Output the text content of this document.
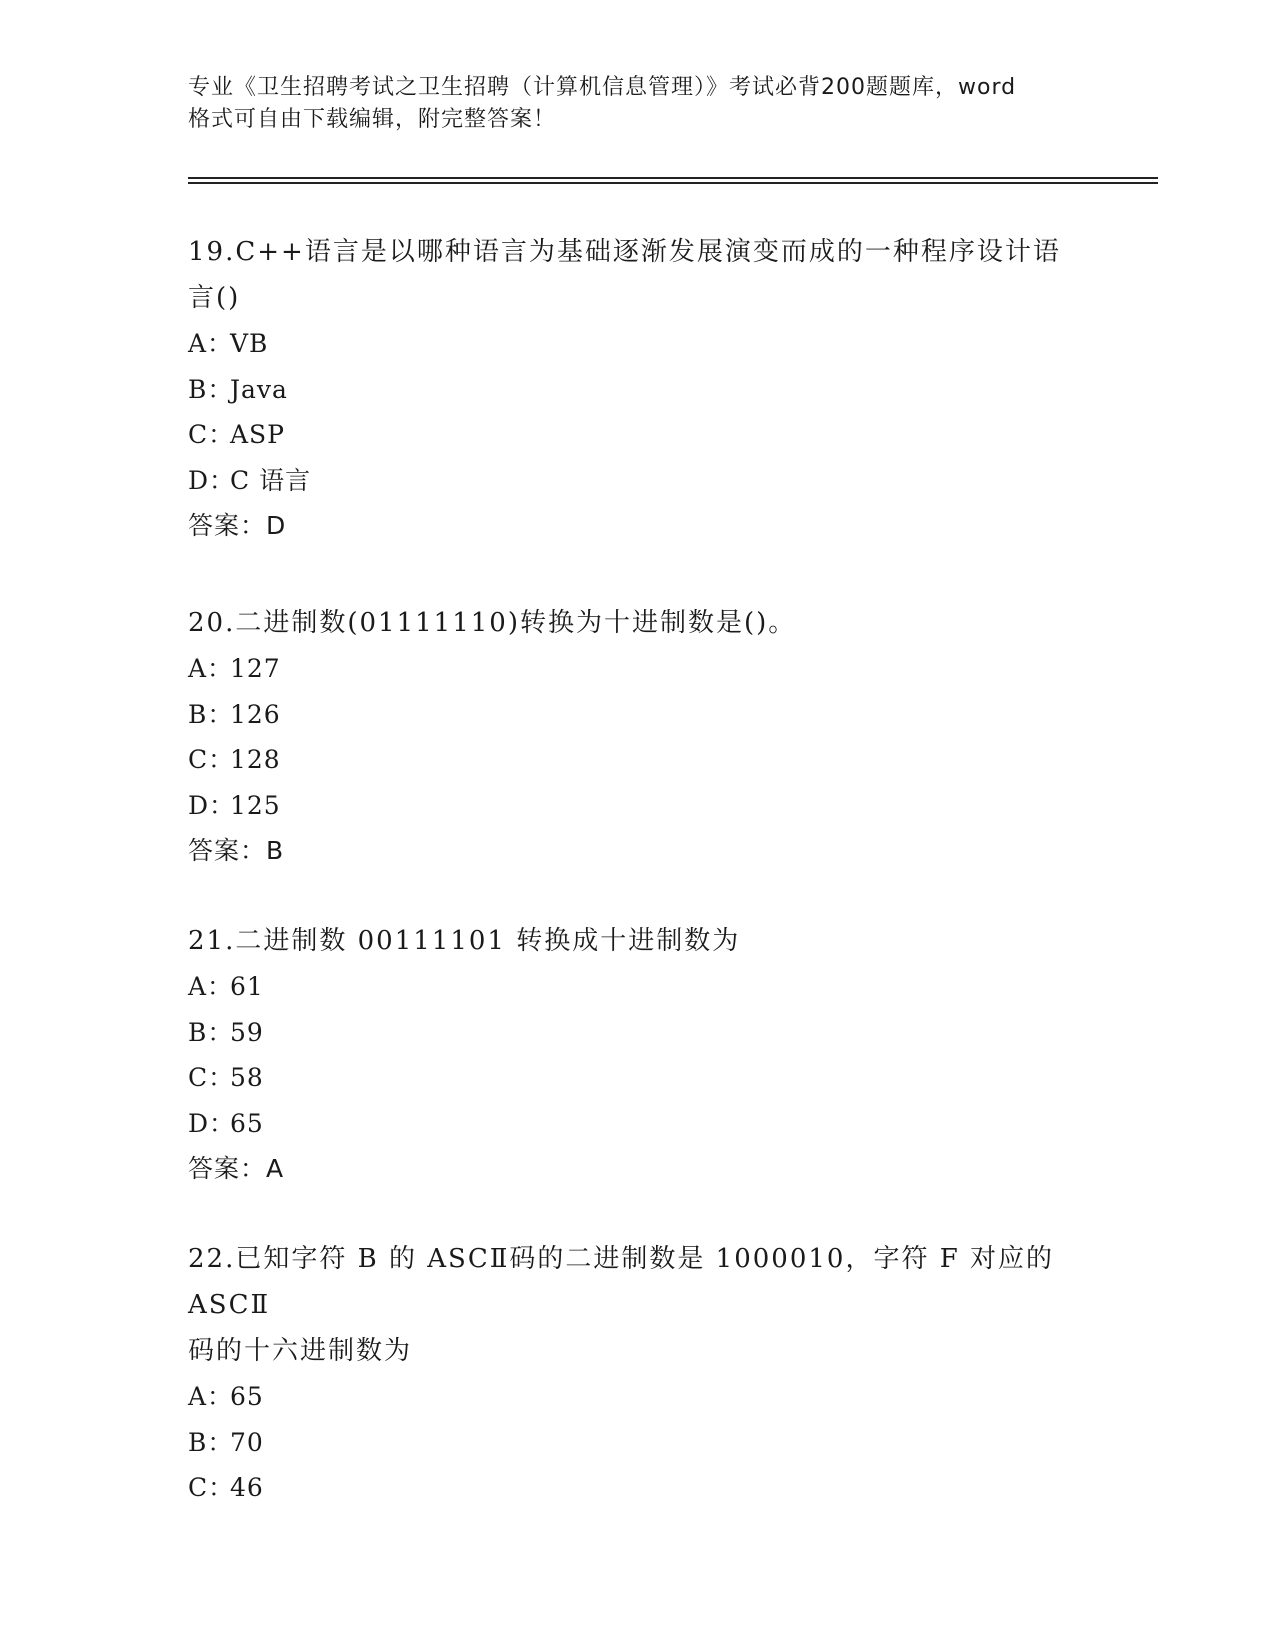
专业《卫生招聘考试之卫生招聘（计算机信息管理）》考试必背200题题库，word
格式可自由下载编辑，附完整答案！

19.C++语言是以哪种语言为基础逐渐发展演变而成的一种程序设计语
言()

A：VB
B：Java
C：ASP
D：C 语言
答案：D

20.二进制数(01111110)转换为十进制数是()。

A：127
B：126
C：128
D：125
答案：B

21.二进制数 00111101 转换成十进制数为

A：61
B：59
C：58
D：65
答案：A

22.已知字符 B 的 ASCⅡ码的二进制数是 1000010，字符 F 对应的 ASCⅡ
码的十六进制数为

A：65
B：70
C：46
